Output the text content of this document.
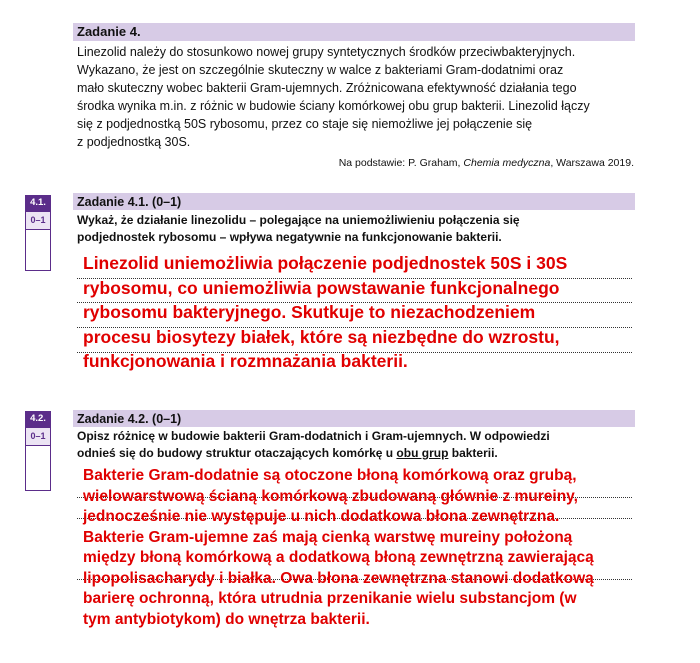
Zadanie 4.

Linezolid należy do stosunkowo nowej grupy syntetycznych środków przeciwbakteryjnych.

Wykazano, że jest on szczególnie skuteczny w walce z bakteriami Gram-dodatnimi oraz

mało skuteczny wobec bakterii Gram-ujemnych. Zróżnicowana efektywność działania tego

środka wynika m.in. z różnic w budowie ściany komórkowej obu grup bakterii. Linezolid łączy

się z podjednostką 50S rybosomu, przez co staje się niemożliwe jej połączenie się

z podjednostką 30S.

Na podstawie: P. Graham, Chemia medyczna, Warszawa 2019.
4.1.
0–1
Zadanie 4.1. (0–1)

Wykaż, że działanie linezolidu – polegające na uniemożliwieniu połączenia się

podjednostek rybosomu – wpływa negatywnie na funkcjonowanie bakterii.

Linezolid uniemożliwia połączenie podjednostek 50S i 30S

rybosomu, co uniemożliwia powstawanie funkcjonalnego

rybosomu bakteryjnego. Skutkuje to niezachodzeniem

procesu biosytezy białek, które są niezbędne do wzrostu,

funkcjonowania i rozmnażania bakterii.

4.2.
0–1
Zadanie 4.2. (0–1)

Opisz różnicę w budowie bakterii Gram-dodatnich i Gram-ujemnych. W odpowiedzi

odnieś się do budowy struktur otaczających komórkę u obu grup bakterii.

Bakterie Gram-dodatnie są otoczone błoną komórkową oraz grubą,

wielowarstwową ścianą komórkową zbudowaną głównie z mureiny,

jednocześnie nie występuje u nich dodatkowa błona zewnętrzna.

Bakterie Gram-ujemne zaś mają cienką warstwę mureiny położoną

między błoną komórkową a dodatkową błoną zewnętrzną zawierającą

lipopolisacharydy i białka. Owa błona zewnętrzna stanowi dodatkową

barierę ochronną, która utrudnia przenikanie wielu substancjom (w

tym antybiotykom) do wnętrza bakterii.
